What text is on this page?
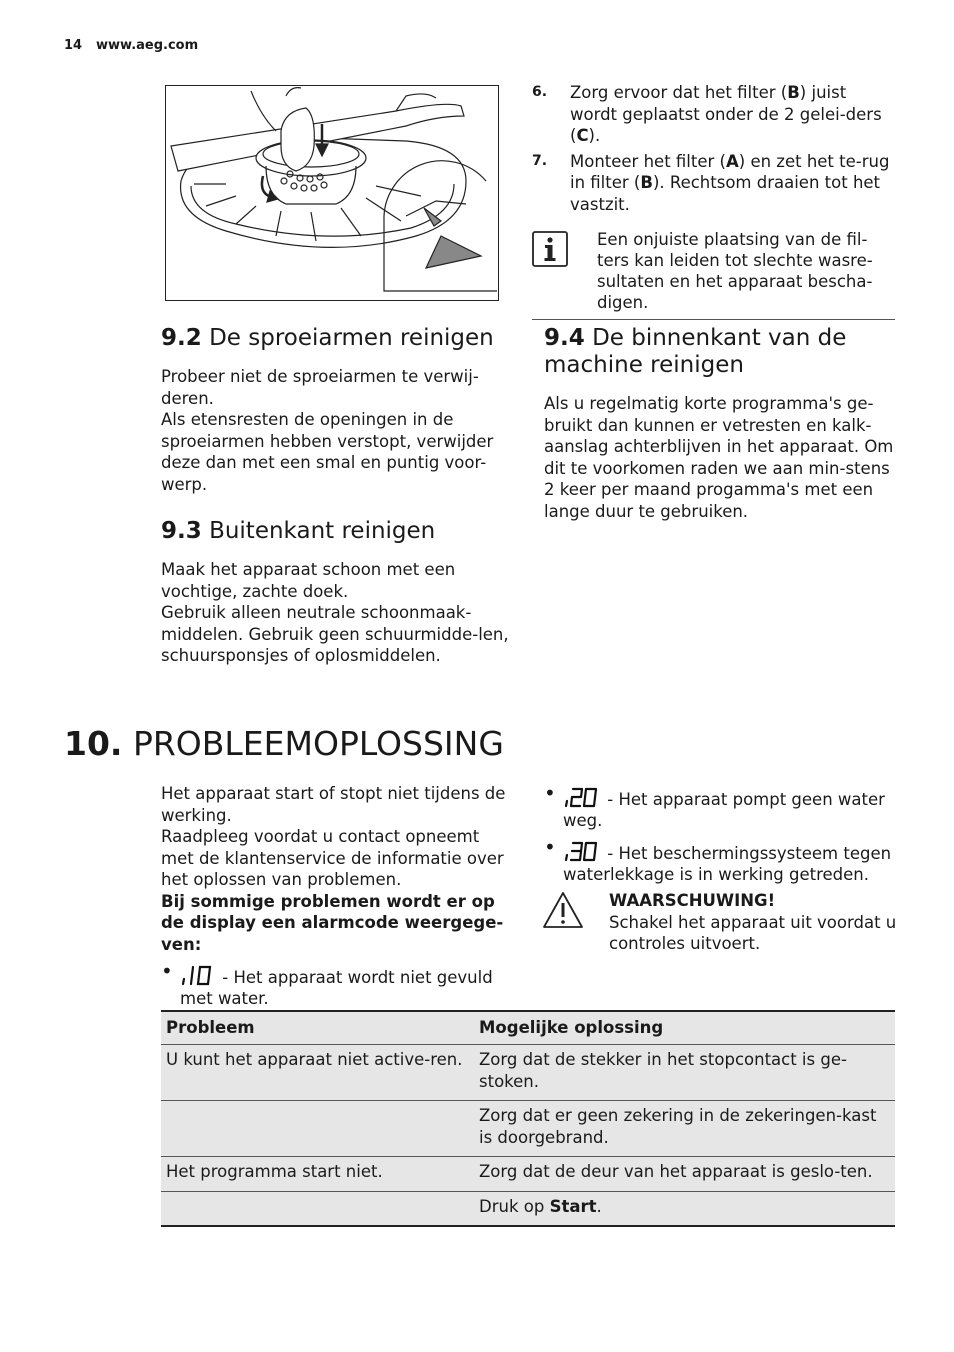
14 www.aeg.com
6.	Zorg ervoor dat het filter (B) juist wordt geplaatst onder de 2 gelei-ders (C).
7.	Monteer het filter (A) en zet het te-rug in filter (B). Rechtsom draaien tot het vastzit.
Een onjuiste plaatsing van de fil-ters kan leiden tot slechte wasre-sultaten en het apparaat bescha-digen.
9.2 De sproeiarmen reinigen
Probeer niet de sproeiarmen te verwij-deren.
Als etensresten de openingen in de sproeiarmen hebben verstopt, verwijder deze dan met een smal en puntig voor-werp.
9.3 Buitenkant reinigen
Maak het apparaat schoon met een vochtige, zachte doek.
Gebruik alleen neutrale schoonmaak-middelen. Gebruik geen schuurmidde-len, schuursponsjes of oplosmiddelen.
9.4 De binnenkant van de machine reinigen
Als u regelmatig korte programma's ge-bruikt dan kunnen er vetresten en kalk-aanslag achterblijven in het apparaat. Om dit te voorkomen raden we aan min-stens 2 keer per maand progamma's met een lange duur te gebruiken.
10. PROBLEEMOPLOSSING
Het apparaat start of stopt niet tijdens de werking.
Raadpleeg voordat u contact opneemt met de klantenservice de informatie over het oplossen van problemen.
Bij sommige problemen wordt er op de display een alarmcode weergege-ven:
• - Het apparaat wordt niet gevuld met water.
• - Het apparaat pompt geen water weg.
• - Het beschermingssysteem tegen waterlekkage is in werking getreden.
WAARSCHUWING!
Schakel het apparaat uit voordat u controles uitvoert.
Probleem	Mogelijke oplossing
U kunt het apparaat niet active-ren.	Zorg dat de stekker in het stopcontact is ge-stoken.
	Zorg dat er geen zekering in de zekeringen-kast is doorgebrand.
Het programma start niet.	Zorg dat de deur van het apparaat is geslo-ten.
	Druk op Start.
